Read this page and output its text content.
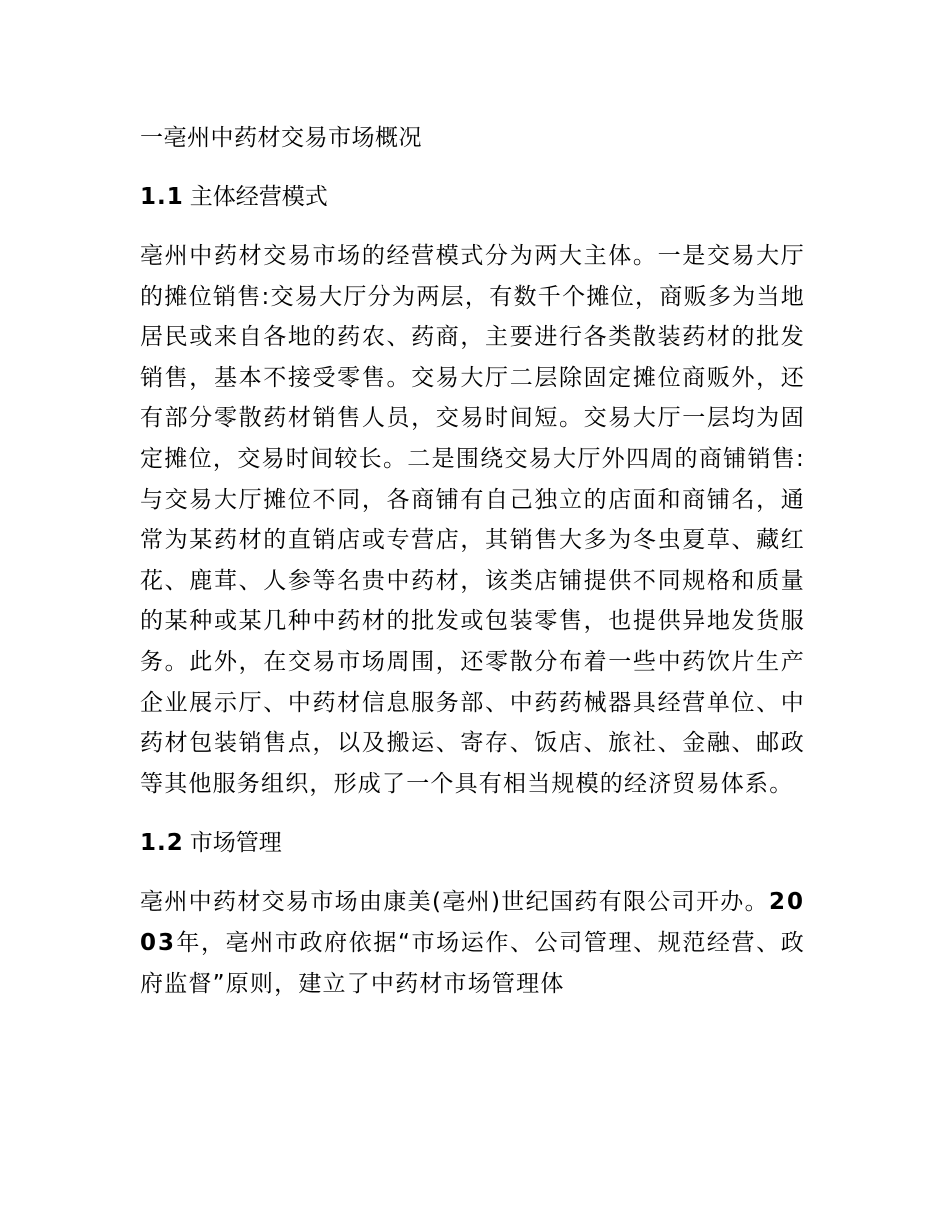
一亳州中药材交易市场概况
1.1 主体经营模式

亳州中药材交易市场的经营模式分为两大主体。一是交易大厅的摊位销售:交易大厅分为两层，有数千个摊位，商贩多为当地居民或来自各地的药农、药商，主要进行各类散装药材的批发销售，基本不接受零售。交易大厅二层除固定摊位商贩外，还有部分零散药材销售人员，交易时间短。交易大厅一层均为固定摊位，交易时间较长。二是围绕交易大厅外四周的商铺销售:与交易大厅摊位不同，各商铺有自己独立的店面和商铺名，通常为某药材的直销店或专营店，其销售大多为冬虫夏草、藏红花、鹿茸、人参等名贵中药材，该类店铺提供不同规格和质量的某种或某几种中药材的批发或包装零售，也提供异地发货服务。此外，在交易市场周围，还零散分布着一些中药饮片生产企业展示厅、中药材信息服务部、中药药械器具经营单位、中药材包装销售点，以及搬运、寄存、饭店、旅社、金融、邮政等其他服务组织，形成了一个具有相当规模的经济贸易体系。

1.2 市场管理

亳州中药材交易市场由康美(亳州)世纪国药有限公司开办。2003年，亳州市政府依据“市场运作、公司管理、规范经营、政府监督”原则，建立了中药材市场管理体
